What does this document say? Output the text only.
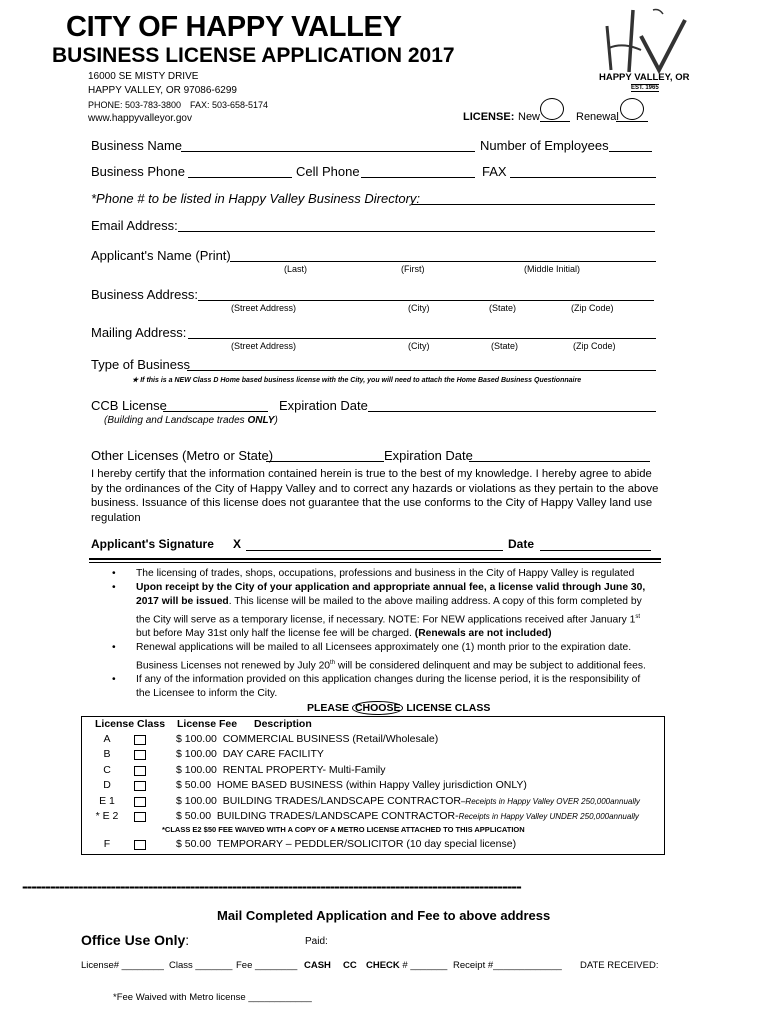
CITY OF HAPPY VALLEY
BUSINESS LICENSE APPLICATION 2017
16000 SE MISTY DRIVE
HAPPY VALLEY, OR 97086-6299
PHONE: 503-783-3800 FAX: 503-658-5174
www.happyvalleyor.gov
HAPPY VALLEY, OR
EST. 1965
LICENSE: New	Renewal
Business Name	Number of Employees
Business Phone	Cell Phone	FAX
*Phone # to be listed in Happy Valley Business Directory:
Email Address:
Applicant's Name (Print)
(Last)	(First)	(Middle Initial)
Business Address:
(Street Address)	(City)	(State)	(Zip Code)
Mailing Address:
(Street Address)	(City)	(State)	(Zip Code)
Type of Business
★ If this is a NEW Class D Home based business license with the City, you will need to attach the Home Based Business Questionnaire
CCB License	Expiration Date
(Building and Landscape trades ONLY)
Other Licenses (Metro or State)	Expiration Date
I hereby certify that the information contained herein is true to the best of my knowledge. I hereby agree to abide by the ordinances of the City of Happy Valley and to correct any hazards or violations as they pertain to the above business. Issuance of this license does not guarantee that the use conforms to the City of Happy Valley land use regulation
Applicant's Signature X	Date
• The licensing of trades, shops, occupations, professions and business in the City of Happy Valley is regulated
• Upon receipt by the City of your application and appropriate annual fee, a license valid through June 30, 2017 will be issued. This license will be mailed to the above mailing address. A copy of this form completed by the City will serve as a temporary license, if necessary. NOTE: For NEW applications received after January 1st but before May 31st only half the license fee will be charged. (Renewals are not included)
• Renewal applications will be mailed to all Licensees approximately one (1) month prior to the expiration date. Business Licenses not renewed by July 20th will be considered delinquent and may be subject to additional fees.
• If any of the information provided on this application changes during the license period, it is the responsibility of the Licensee to inform the City.
PLEASE CHOOSE LICENSE CLASS
License Class License Fee Description
A	$ 100.00 COMMERCIAL BUSINESS (Retail/Wholesale)
B	$ 100.00 DAY CARE FACILITY
C	$ 100.00 RENTAL PROPERTY- Multi-Family
D	$ 50.00 HOME BASED BUSINESS (within Happy Valley jurisdiction ONLY)
E 1	$ 100.00 BUILDING TRADES/LANDSCAPE CONTRACTOR–Receipts in Happy Valley OVER 250,000annually
* E 2	$ 50.00 BUILDING TRADES/LANDSCAPE CONTRACTOR-Receipts in Happy Valley UNDER 250,000annually
*CLASS E2 $50 FEE WAIVED WITH A COPY OF A METRO LICENSE ATTACHED TO THIS APPLICATION
F	$ 50.00 TEMPORARY – PEDDLER/SOLICITOR (10 day special license)
-----------------------------------------------------------------------------------------------------------
Mail Completed Application and Fee to above address
Office Use Only:	Paid:
License# ________ Class _______ Fee ________ CASH CC CHECK # _______ Receipt #_____________ DATE RECEIVED:
*Fee Waived with Metro license ____________
